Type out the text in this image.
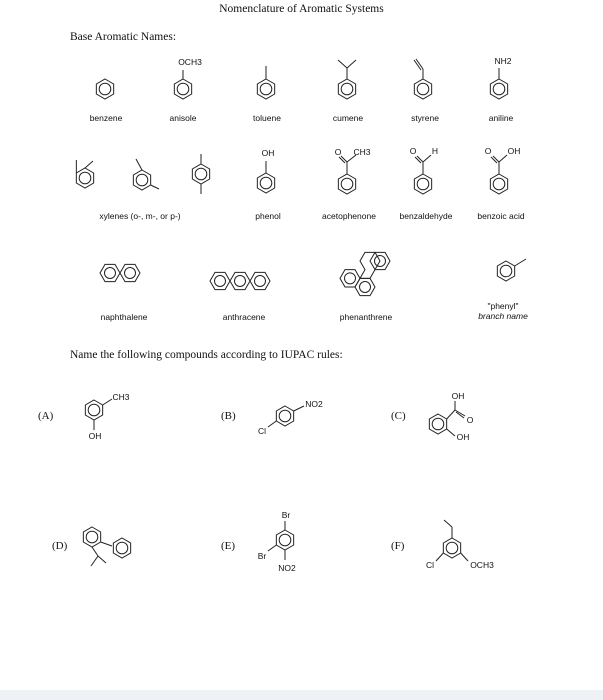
Nomenclature of Aromatic Systems
Base Aromatic Names:
OCH3	NH2
OH	O CH3	O H	O OH
benzene	anisole	toluene	cumene	styrene	aniline
xylenes (o-, m-, or p-)	phenol	acetophenone	benzaldehyde	benzoic acid
naphthalene	anthracene	phenanthrene
"phenyl"
branch name
Name the following compounds according to IUPAC rules:
(A)
CH3
OH
(B)
NO2
Cl
(C)
OH
O
OH
(D)	(E)
Br
Br
NO2
(F)
Cl	OCH3
